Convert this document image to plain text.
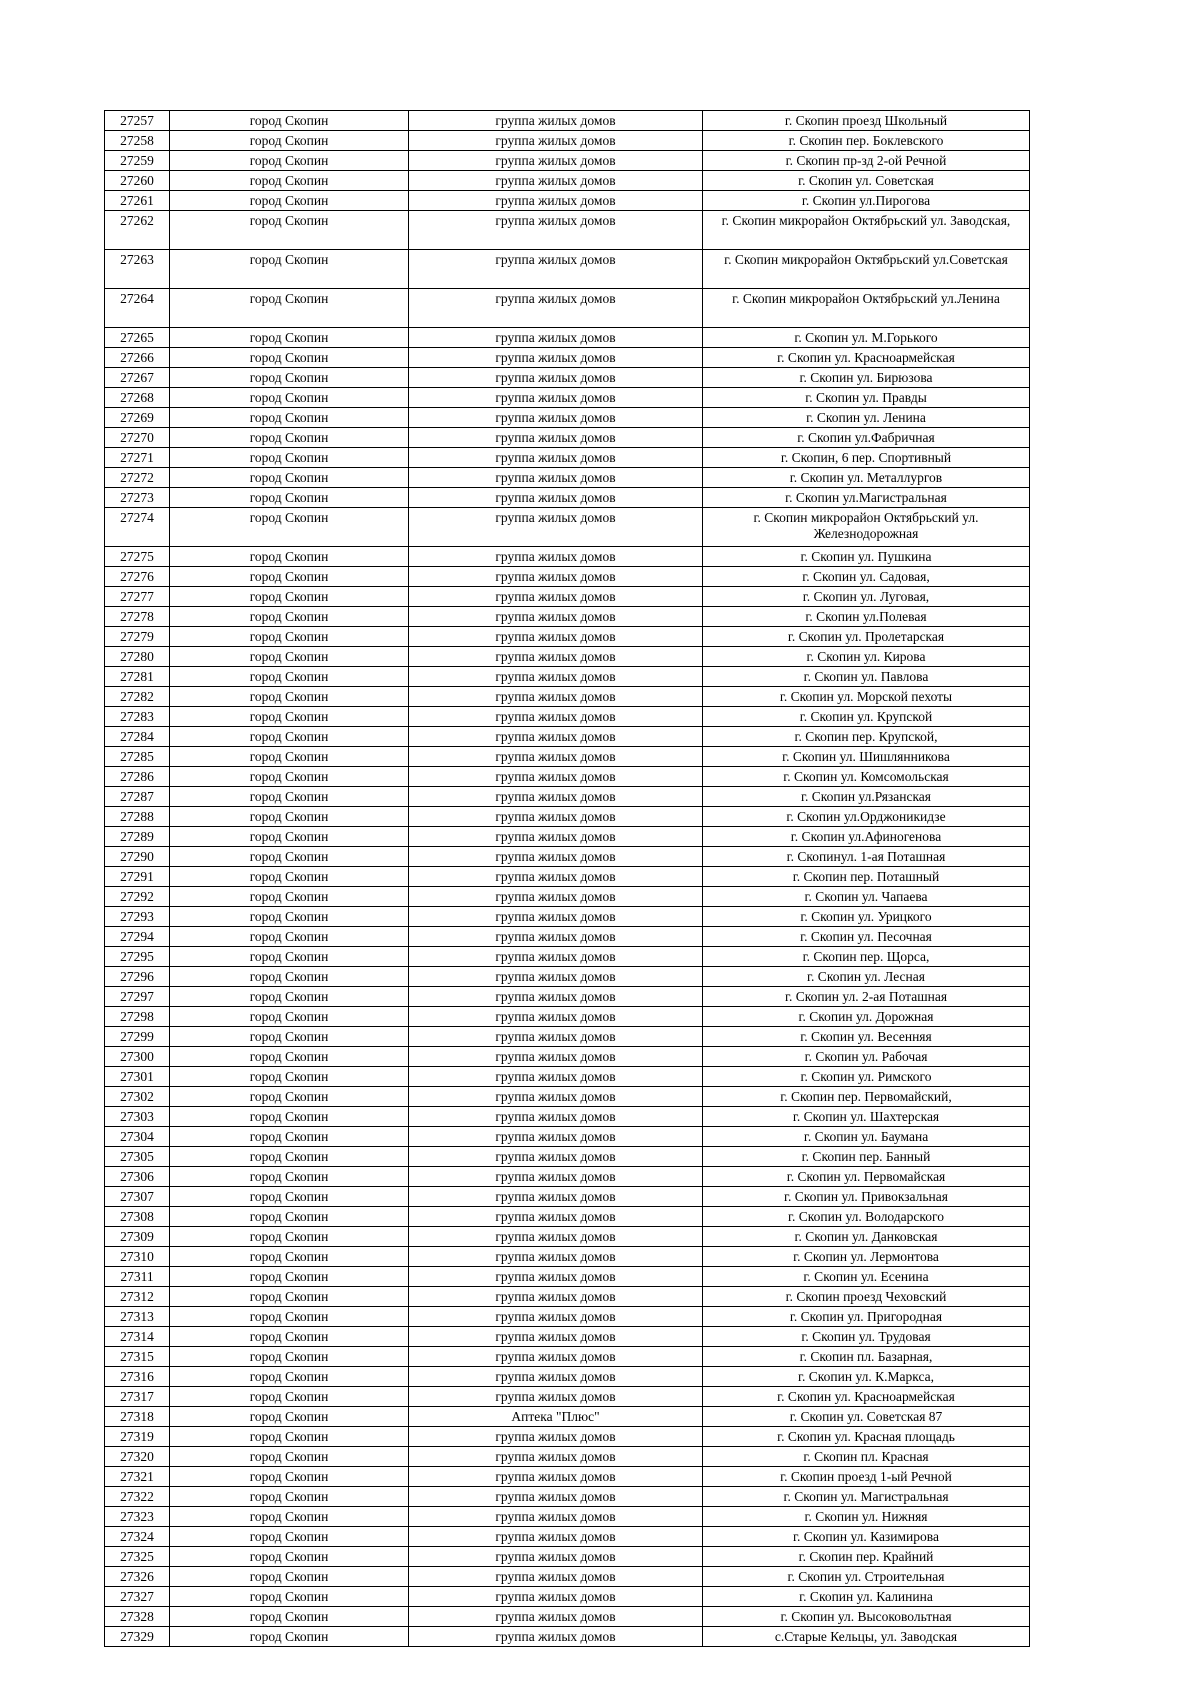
27257	город Скопин	группа жилых домов	г. Скопин проезд Школьный
27258	город Скопин	группа жилых домов	г. Скопин пер. Боклевского
27259	город Скопин	группа жилых домов	г. Скопин пр-зд 2-ой Речной
27260	город Скопин	группа жилых домов	г. Скопин ул. Советская
27261	город Скопин	группа жилых домов	г. Скопин ул.Пирогова
27262	город Скопин	группа жилых домов	г. Скопин микрорайон Октябрьский ул. Заводская,
27263	город Скопин	группа жилых домов	г. Скопин микрорайон Октябрьский ул.Советская
27264	город Скопин	группа жилых домов	г. Скопин микрорайон Октябрьский ул.Ленина
27265	город Скопин	группа жилых домов	г. Скопин ул. М.Горького
27266	город Скопин	группа жилых домов	г. Скопин ул. Красноармейская
27267	город Скопин	группа жилых домов	г. Скопин ул. Бирюзова
27268	город Скопин	группа жилых домов	г. Скопин ул. Правды
27269	город Скопин	группа жилых домов	г. Скопин ул. Ленина
27270	город Скопин	группа жилых домов	г. Скопин ул.Фабричная
27271	город Скопин	группа жилых домов	г. Скопин, 6 пер. Спортивный
27272	город Скопин	группа жилых домов	г. Скопин ул. Металлургов
27273	город Скопин	группа жилых домов	г. Скопин ул.Магистральная
27274	город Скопин	группа жилых домов	г. Скопин микрорайон Октябрьский ул. Железнодорожная
27275	город Скопин	группа жилых домов	г. Скопин ул. Пушкина
27276	город Скопин	группа жилых домов	г. Скопин ул. Садовая,
27277	город Скопин	группа жилых домов	г. Скопин ул. Луговая,
27278	город Скопин	группа жилых домов	г. Скопин ул.Полевая
27279	город Скопин	группа жилых домов	г. Скопин ул. Пролетарская
27280	город Скопин	группа жилых домов	г. Скопин ул. Кирова
27281	город Скопин	группа жилых домов	г. Скопин ул. Павлова
27282	город Скопин	группа жилых домов	г. Скопин ул. Морской пехоты
27283	город Скопин	группа жилых домов	г. Скопин ул. Крупской
27284	город Скопин	группа жилых домов	г. Скопин пер. Крупской,
27285	город Скопин	группа жилых домов	г. Скопин ул. Шишлянникова
27286	город Скопин	группа жилых домов	г. Скопин ул. Комсомольская
27287	город Скопин	группа жилых домов	г. Скопин ул.Рязанская
27288	город Скопин	группа жилых домов	г. Скопин ул.Орджоникидзе
27289	город Скопин	группа жилых домов	г. Скопин ул.Афиногенова
27290	город Скопин	группа жилых домов	г. Скопинул. 1-ая Поташная
27291	город Скопин	группа жилых домов	г. Скопин пер. Поташный
27292	город Скопин	группа жилых домов	г. Скопин ул. Чапаева
27293	город Скопин	группа жилых домов	г. Скопин ул. Урицкого
27294	город Скопин	группа жилых домов	г. Скопин ул. Песочная
27295	город Скопин	группа жилых домов	г. Скопин пер. Щорса,
27296	город Скопин	группа жилых домов	г. Скопин ул. Лесная
27297	город Скопин	группа жилых домов	г. Скопин ул. 2-ая Поташная
27298	город Скопин	группа жилых домов	г. Скопин ул. Дорожная
27299	город Скопин	группа жилых домов	г. Скопин ул. Весенняя
27300	город Скопин	группа жилых домов	г. Скопин ул. Рабочая
27301	город Скопин	группа жилых домов	г. Скопин ул. Римского
27302	город Скопин	группа жилых домов	г. Скопин пер. Первомайский,
27303	город Скопин	группа жилых домов	г. Скопин ул. Шахтерская
27304	город Скопин	группа жилых домов	г. Скопин ул. Баумана
27305	город Скопин	группа жилых домов	г. Скопин пер. Банный
27306	город Скопин	группа жилых домов	г. Скопин ул. Первомайская
27307	город Скопин	группа жилых домов	г. Скопин ул. Привокзальная
27308	город Скопин	группа жилых домов	г. Скопин ул. Володарского
27309	город Скопин	группа жилых домов	г. Скопин ул. Данковская
27310	город Скопин	группа жилых домов	г. Скопин ул. Лермонтова
27311	город Скопин	группа жилых домов	г. Скопин ул. Есенина
27312	город Скопин	группа жилых домов	г. Скопин проезд Чеховский
27313	город Скопин	группа жилых домов	г. Скопин ул. Пригородная
27314	город Скопин	группа жилых домов	г. Скопин ул. Трудовая
27315	город Скопин	группа жилых домов	г. Скопин пл. Базарная,
27316	город Скопин	группа жилых домов	г. Скопин ул. К.Маркса,
27317	город Скопин	группа жилых домов	г. Скопин ул. Красноармейская
27318	город Скопин	Аптека "Плюс"	г. Скопин ул. Советская 87
27319	город Скопин	группа жилых домов	г. Скопин ул. Красная площадь
27320	город Скопин	группа жилых домов	г. Скопин пл. Красная
27321	город Скопин	группа жилых домов	г. Скопин проезд 1-ый Речной
27322	город Скопин	группа жилых домов	г. Скопин ул. Магистральная
27323	город Скопин	группа жилых домов	г. Скопин ул. Нижняя
27324	город Скопин	группа жилых домов	г. Скопин ул. Казимирова
27325	город Скопин	группа жилых домов	г. Скопин пер. Крайний
27326	город Скопин	группа жилых домов	г. Скопин ул. Строительная
27327	город Скопин	группа жилых домов	г. Скопин ул. Калинина
27328	город Скопин	группа жилых домов	г. Скопин ул. Высоковольтная
27329	город Скопин	группа жилых домов	с.Старые Кельцы, ул. Заводская
